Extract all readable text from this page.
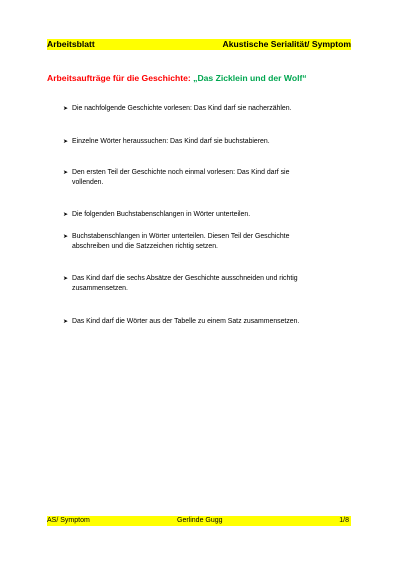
Arbeitsblatt	Akustische Serialität/ Symptom
Arbeitsaufträge für die Geschichte: „Das Zicklein und der Wolf“
➤ Die nachfolgende Geschichte vorlesen: Das Kind darf sie nacherzählen.
➤ Einzelne Wörter heraussuchen: Das Kind darf sie buchstabieren.
➤ Den ersten Teil der Geschichte noch einmal vorlesen: Das Kind darf sie
vollenden.
➤ Die folgenden Buchstabenschlangen in Wörter unterteilen.
➤ Buchstabenschlangen in Wörter unterteilen. Diesen Teil der Geschichte
abschreiben und die Satzzeichen richtig setzen.
➤ Das Kind darf die sechs Absätze der Geschichte ausschneiden und richtig
zusammensetzen.
➤ Das Kind darf die Wörter aus der Tabelle zu einem Satz zusammensetzen.
AS/ Symptom	Gerlinde Gugg	1/8
